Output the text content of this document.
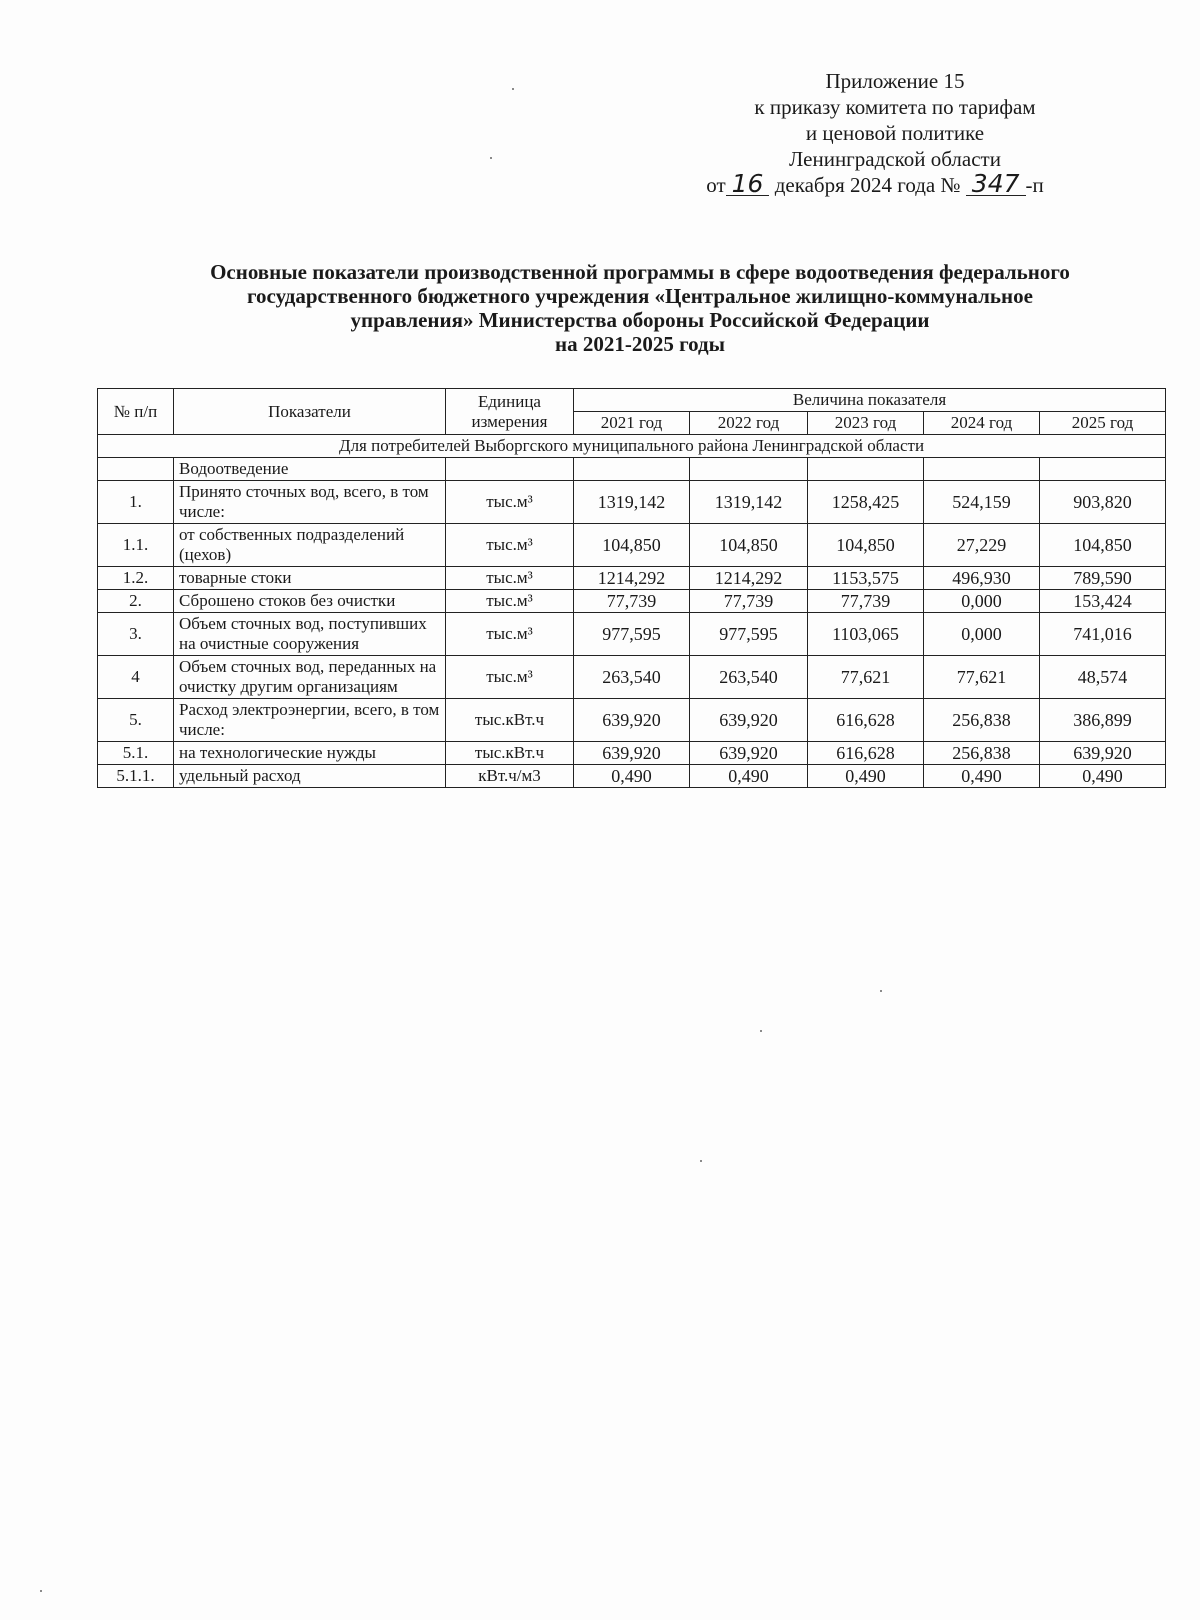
Приложение 15
к приказу комитета по тарифам
и ценовой политике
Ленинградской области
от 16 декабря 2024 года № 347 -п
Основные показатели производственной программы в сфере водоотведения федерального
государственного бюджетного учреждения «Центральное жилищно-коммунальное
управления» Министерства обороны Российской Федерации
на 2021-2025 годы
№ п/п	Показатели	Единица измерения	Величина показателя				
			2021 год	2022 год	2023 год	2024 год	2025 год
Для потребителей Выборгского муниципального района Ленинградской области							
	Водоотведение						
1.	Принято сточных вод, всего, в том числе:	тыс.м³	1319,142	1319,142	1258,425	524,159	903,820
1.1.	от собственных подразделений (цехов)	тыс.м³	104,850	104,850	104,850	27,229	104,850
1.2.	товарные стоки	тыс.м³	1214,292	1214,292	1153,575	496,930	789,590
2.	Сброшено стоков без очистки	тыс.м³	77,739	77,739	77,739	0,000	153,424
3.	Объем сточных вод, поступивших на очистные сооружения	тыс.м³	977,595	977,595	1103,065	0,000	741,016
4	Объем сточных вод, переданных на очистку другим организациям	тыс.м³	263,540	263,540	77,621	77,621	48,574
5.	Расход электроэнергии, всего, в том числе:	тыс.кВт.ч	639,920	639,920	616,628	256,838	386,899
5.1.	на технологические нужды	тыс.кВт.ч	639,920	639,920	616,628	256,838	639,920
5.1.1.	удельный расход	кВт.ч/м3	0,490	0,490	0,490	0,490	0,490
